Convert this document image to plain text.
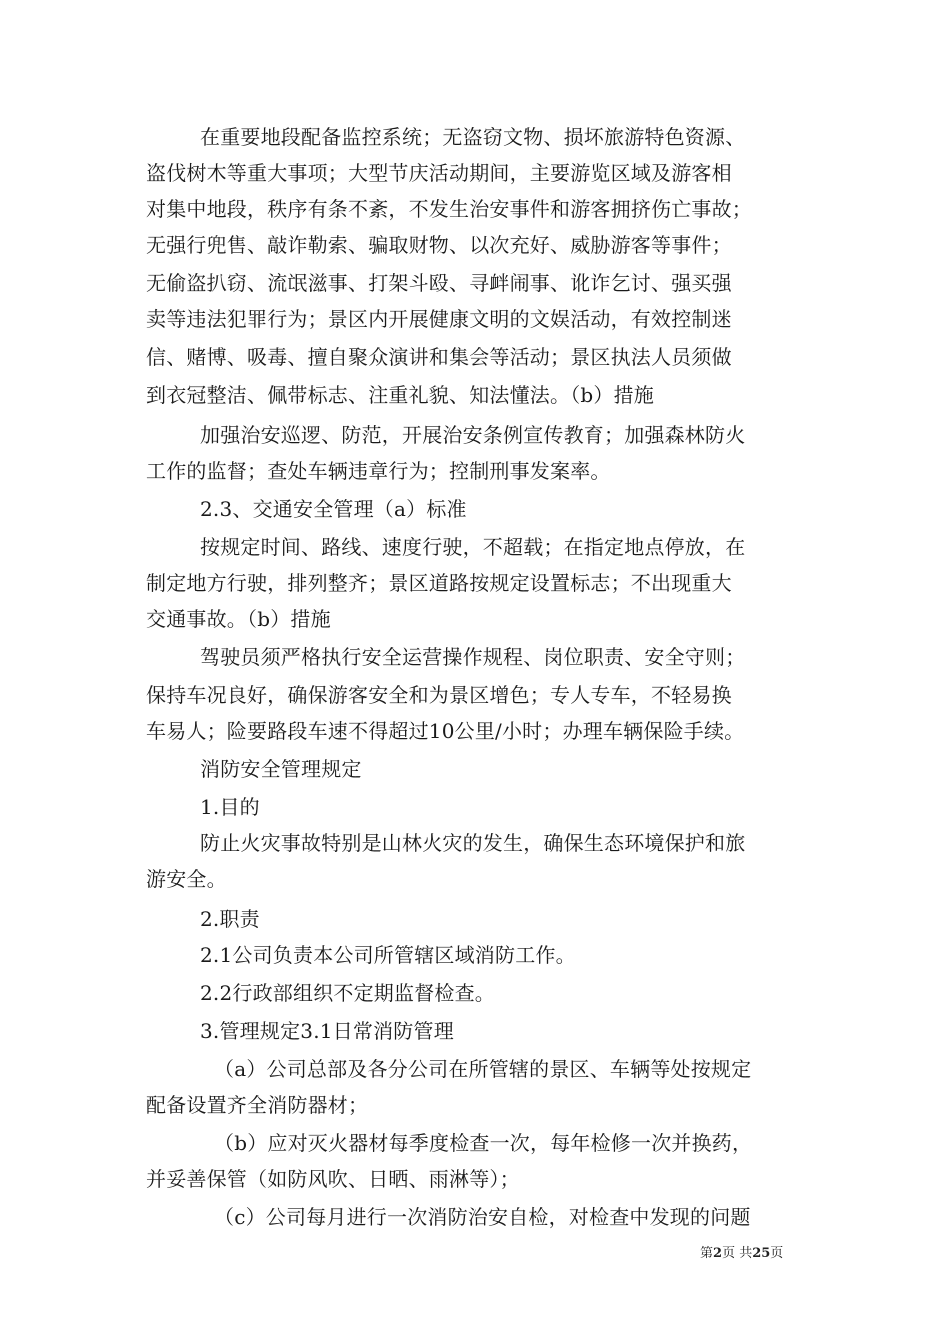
在重要地段配备监控系统；无盗窃文物、损坏旅游特色资源、
盗伐树木等重大事项；大型节庆活动期间，主要游览区域及游客相
对集中地段，秩序有条不紊，不发生治安事件和游客拥挤伤亡事故；
无强行兜售、敲诈勒索、骗取财物、以次充好、威胁游客等事件；
无偷盗扒窃、流氓滋事、打架斗殴、寻衅闹事、讹诈乞讨、强买强
卖等违法犯罪行为；景区内开展健康文明的文娱活动，有效控制迷
信、赌博、吸毒、擅自聚众演讲和集会等活动；景区执法人员须做
到衣冠整洁、佩带标志、注重礼貌、知法懂法。（b）措施
加强治安巡逻、防范，开展治安条例宣传教育；加强森林防火
工作的监督；查处车辆违章行为；控制刑事发案率。
2.3、交通安全管理（a）标准
按规定时间、路线、速度行驶，不超载；在指定地点停放，在
制定地方行驶，排列整齐；景区道路按规定设置标志；不出现重大
交通事故。（b）措施
驾驶员须严格执行安全运营操作规程、岗位职责、安全守则；
保持车况良好，确保游客安全和为景区增色；专人专车，不轻易换
车易人；险要路段车速不得超过10公里/小时；办理车辆保险手续。
消防安全管理规定
1.目的
防止火灾事故特别是山林火灾的发生，确保生态环境保护和旅
游安全。
2.职责
2.1公司负责本公司所管辖区域消防工作。
2.2行政部组织不定期监督检查。
3.管理规定3.1日常消防管理
（a）公司总部及各分公司在所管辖的景区、车辆等处按规定
配备设置齐全消防器材；
（b）应对灭火器材每季度检查一次，每年检修一次并换药，
并妥善保管（如防风吹、日晒、雨淋等）；
（c）公司每月进行一次消防治安自检，对检查中发现的问题
第2页 共25页
